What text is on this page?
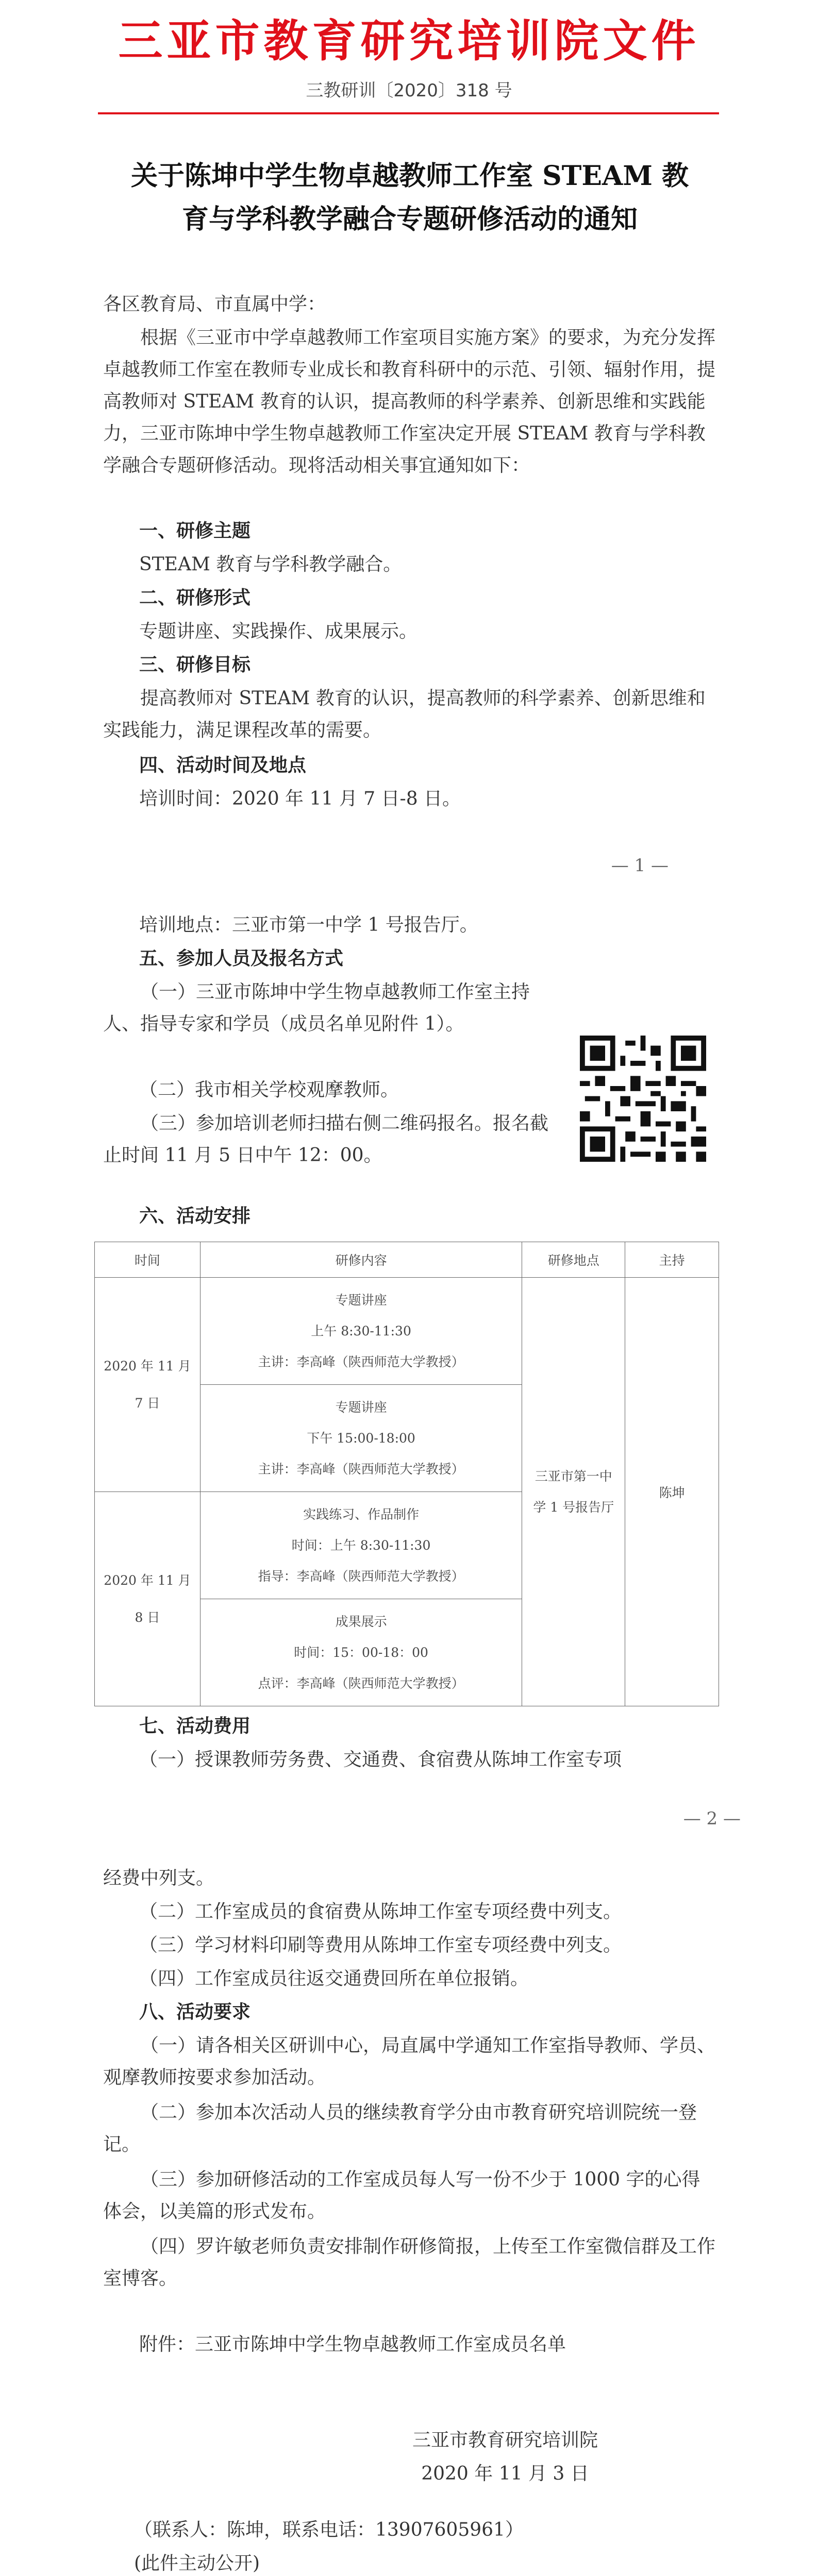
三亚市教育研究培训院文件
三教研训〔2020〕318 号
关于陈坤中学生物卓越教师工作室 STEAM 教
育与学科教学融合专题研修活动的通知
各区教育局、市直属中学：
根据《三亚市中学卓越教师工作室项目实施方案》的要求，为充分发挥卓越教师工作室在教师专业成长和教育科研中的示范、引领、辐射作用，提高教师对 STEAM 教育的认识，提高教师的科学素养、创新思维和实践能力，三亚市陈坤中学生物卓越教师工作室决定开展 STEAM 教育与学科教学融合专题研修活动。现将活动相关事宜通知如下：
一、研修主题
STEAM 教育与学科教学融合。
二、研修形式
专题讲座、实践操作、成果展示。
三、研修目标
提高教师对 STEAM 教育的认识，提高教师的科学素养、创新思维和实践能力，满足课程改革的需要。
四、活动时间及地点
培训时间：2020 年 11 月 7 日-8 日。
— 1 —
培训地点：三亚市第一中学 1 号报告厅。
五、参加人员及报名方式
（一）三亚市陈坤中学生物卓越教师工作室主持人、指导专家和学员（成员名单见附件 1）。
（二）我市相关学校观摩教师。
（三）参加培训老师扫描右侧二维码报名。报名截止时间 11 月 5 日中午 12：00。
六、活动安排
时间	研修内容	研修地点	主持
2020 年 11 月 7 日	专题讲座
上午 8:30-11:30
主讲：李高峰（陕西师范大学教授）	三亚市第一中学 1 号报告厅	陈坤

	专题讲座
下午 15:00-18:00
主讲：李高峰（陕西师范大学教授）		

2020 年 11 月 8 日	实践练习、作品制作
时间：上午 8:30-11:30
指导：李高峰（陕西师范大学教授）		

	成果展示
时间：15：00-18：00
点评：李高峰（陕西师范大学教授）		
七、活动费用
（一）授课教师劳务费、交通费、食宿费从陈坤工作室专项
— 2 —
经费中列支。
（二）工作室成员的食宿费从陈坤工作室专项经费中列支。
（三）学习材料印刷等费用从陈坤工作室专项经费中列支。
（四）工作室成员往返交通费回所在单位报销。
八、活动要求
（一）请各相关区研训中心，局直属中学通知工作室指导教师、学员、观摩教师按要求参加活动。
（二）参加本次活动人员的继续教育学分由市教育研究培训院统一登记。
（三）参加研修活动的工作室成员每人写一份不少于 1000 字的心得体会，以美篇的形式发布。
（四）罗许敏老师负责安排制作研修简报，上传至工作室微信群及工作室博客。
附件：三亚市陈坤中学生物卓越教师工作室成员名单
三亚市教育研究培训院
2020 年 11 月 3 日
（联系人：陈坤，联系电话：13907605961）
(此件主动公开)
